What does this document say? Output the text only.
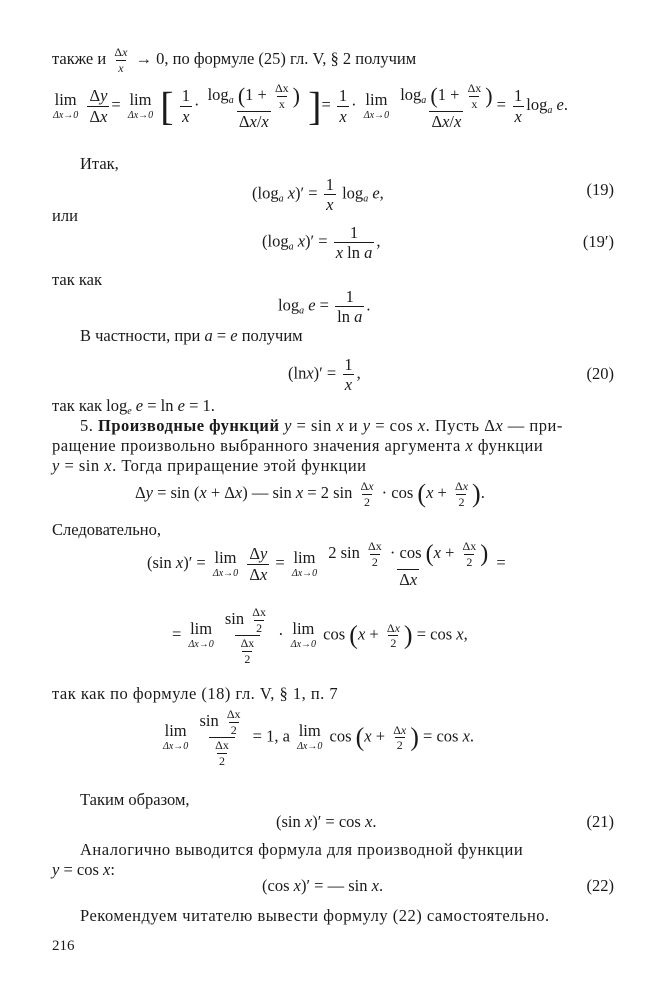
также и $\frac{\Delta x}{x} \to 0$, по формуле (25) гл. V, § 2 получим
lim
Δx→0
$\frac{\Delta y}{\Delta x} = \lim$
Δx→0 [ $\frac{1}{x}$ ·
loga ($1 + \frac{\Delta x}{x}$ )
Δx/x ]= $\frac{1}{x} \cdot \lim$
Δx→0

loga ($1 + \frac{\Delta x}{x}$ )
Δx/x
= $\frac{1}{x}$ loga e.
Итак,
(loga $x)' = \frac{1}{x}$ loga e,	(19)
или
(loga $x)' = \frac{1}{\text{x ln a}}$ ,	(19′)
так как
loga $e = \frac{1}{\text{ln a}}$ .
В частности, при a = e получим
$(\ln x)' = \frac{1}{x}$ ,	(20)
так как loge e = ln e = 1.
5. Производные функций y = sin x и y = cos x. Пусть Δx — при-
ращение произвольно выбранного значения аргумента x функции
y = sin x. Тогда приращение этой функции
Δy = sin (x + Δx) — sin x = 2 $\sin \frac{\Delta x}{2} \cdot \cos (x + \frac{\Delta x}{2}$ ).
Следовательно,
(sin x)′ = lim
Δx→0
$\frac{\Delta y}{\Delta x} = \lim$
Δx→0
$\frac{2 \sin \frac{\Delta x}{2} \cdot \cos (x + \frac{\Delta x}{2} )}{\Delta x}$ =
= lim
Δx→0
$\frac{\sin \frac{\Delta x}{2}}{\frac{\Delta x}{2}} \cdot \lim$
Δx→0
$\cos (x + \frac{\Delta x}{2}$ ) = cos x,
так как по формуле (18) гл. V, § 1, п. 7
lim
Δx→0
$\frac{\sin \frac{\Delta x}{2}}{\frac{\Delta x}{2}} = 1$, а lim
Δx→0
$\cos (x + \frac{\Delta x}{2}$ ) = cos x.
Таким образом,
(sin x)′ = cos x.	(21)
Аналогично выводится формула для производной функции
y = cos x:
(cos x)′ = — sin x.	(22)
Рекомендуем читателю вывести формулу (22) самостоятельно.
216
